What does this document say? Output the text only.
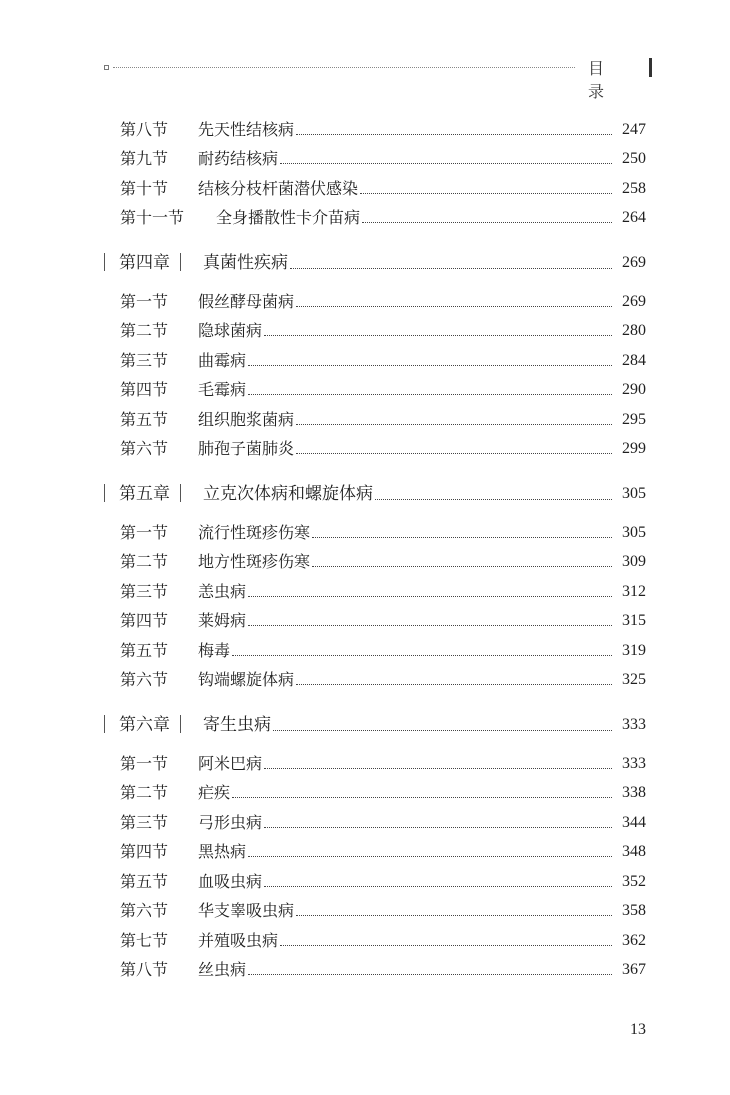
目 录
第八节	先天性结核病	247
第九节	耐药结核病	250
第十节	结核分枝杆菌潜伏感染	258
第十一节	全身播散性卡介苗病	264
第四章 真菌性疾病	269
第一节	假丝酵母菌病	269
第二节	隐球菌病	280
第三节	曲霉病	284
第四节	毛霉病	290
第五节	组织胞浆菌病	295
第六节	肺孢子菌肺炎	299
第五章 立克次体病和螺旋体病	305
第一节	流行性斑疹伤寒	305
第二节	地方性斑疹伤寒	309
第三节	恙虫病	312
第四节	莱姆病	315
第五节	梅毒	319
第六节	钩端螺旋体病	325
第六章 寄生虫病	333
第一节	阿米巴病	333
第二节	疟疾	338
第三节	弓形虫病	344
第四节	黑热病	348
第五节	血吸虫病	352
第六节	华支睾吸虫病	358
第七节	并殖吸虫病	362
第八节	丝虫病	367
13
